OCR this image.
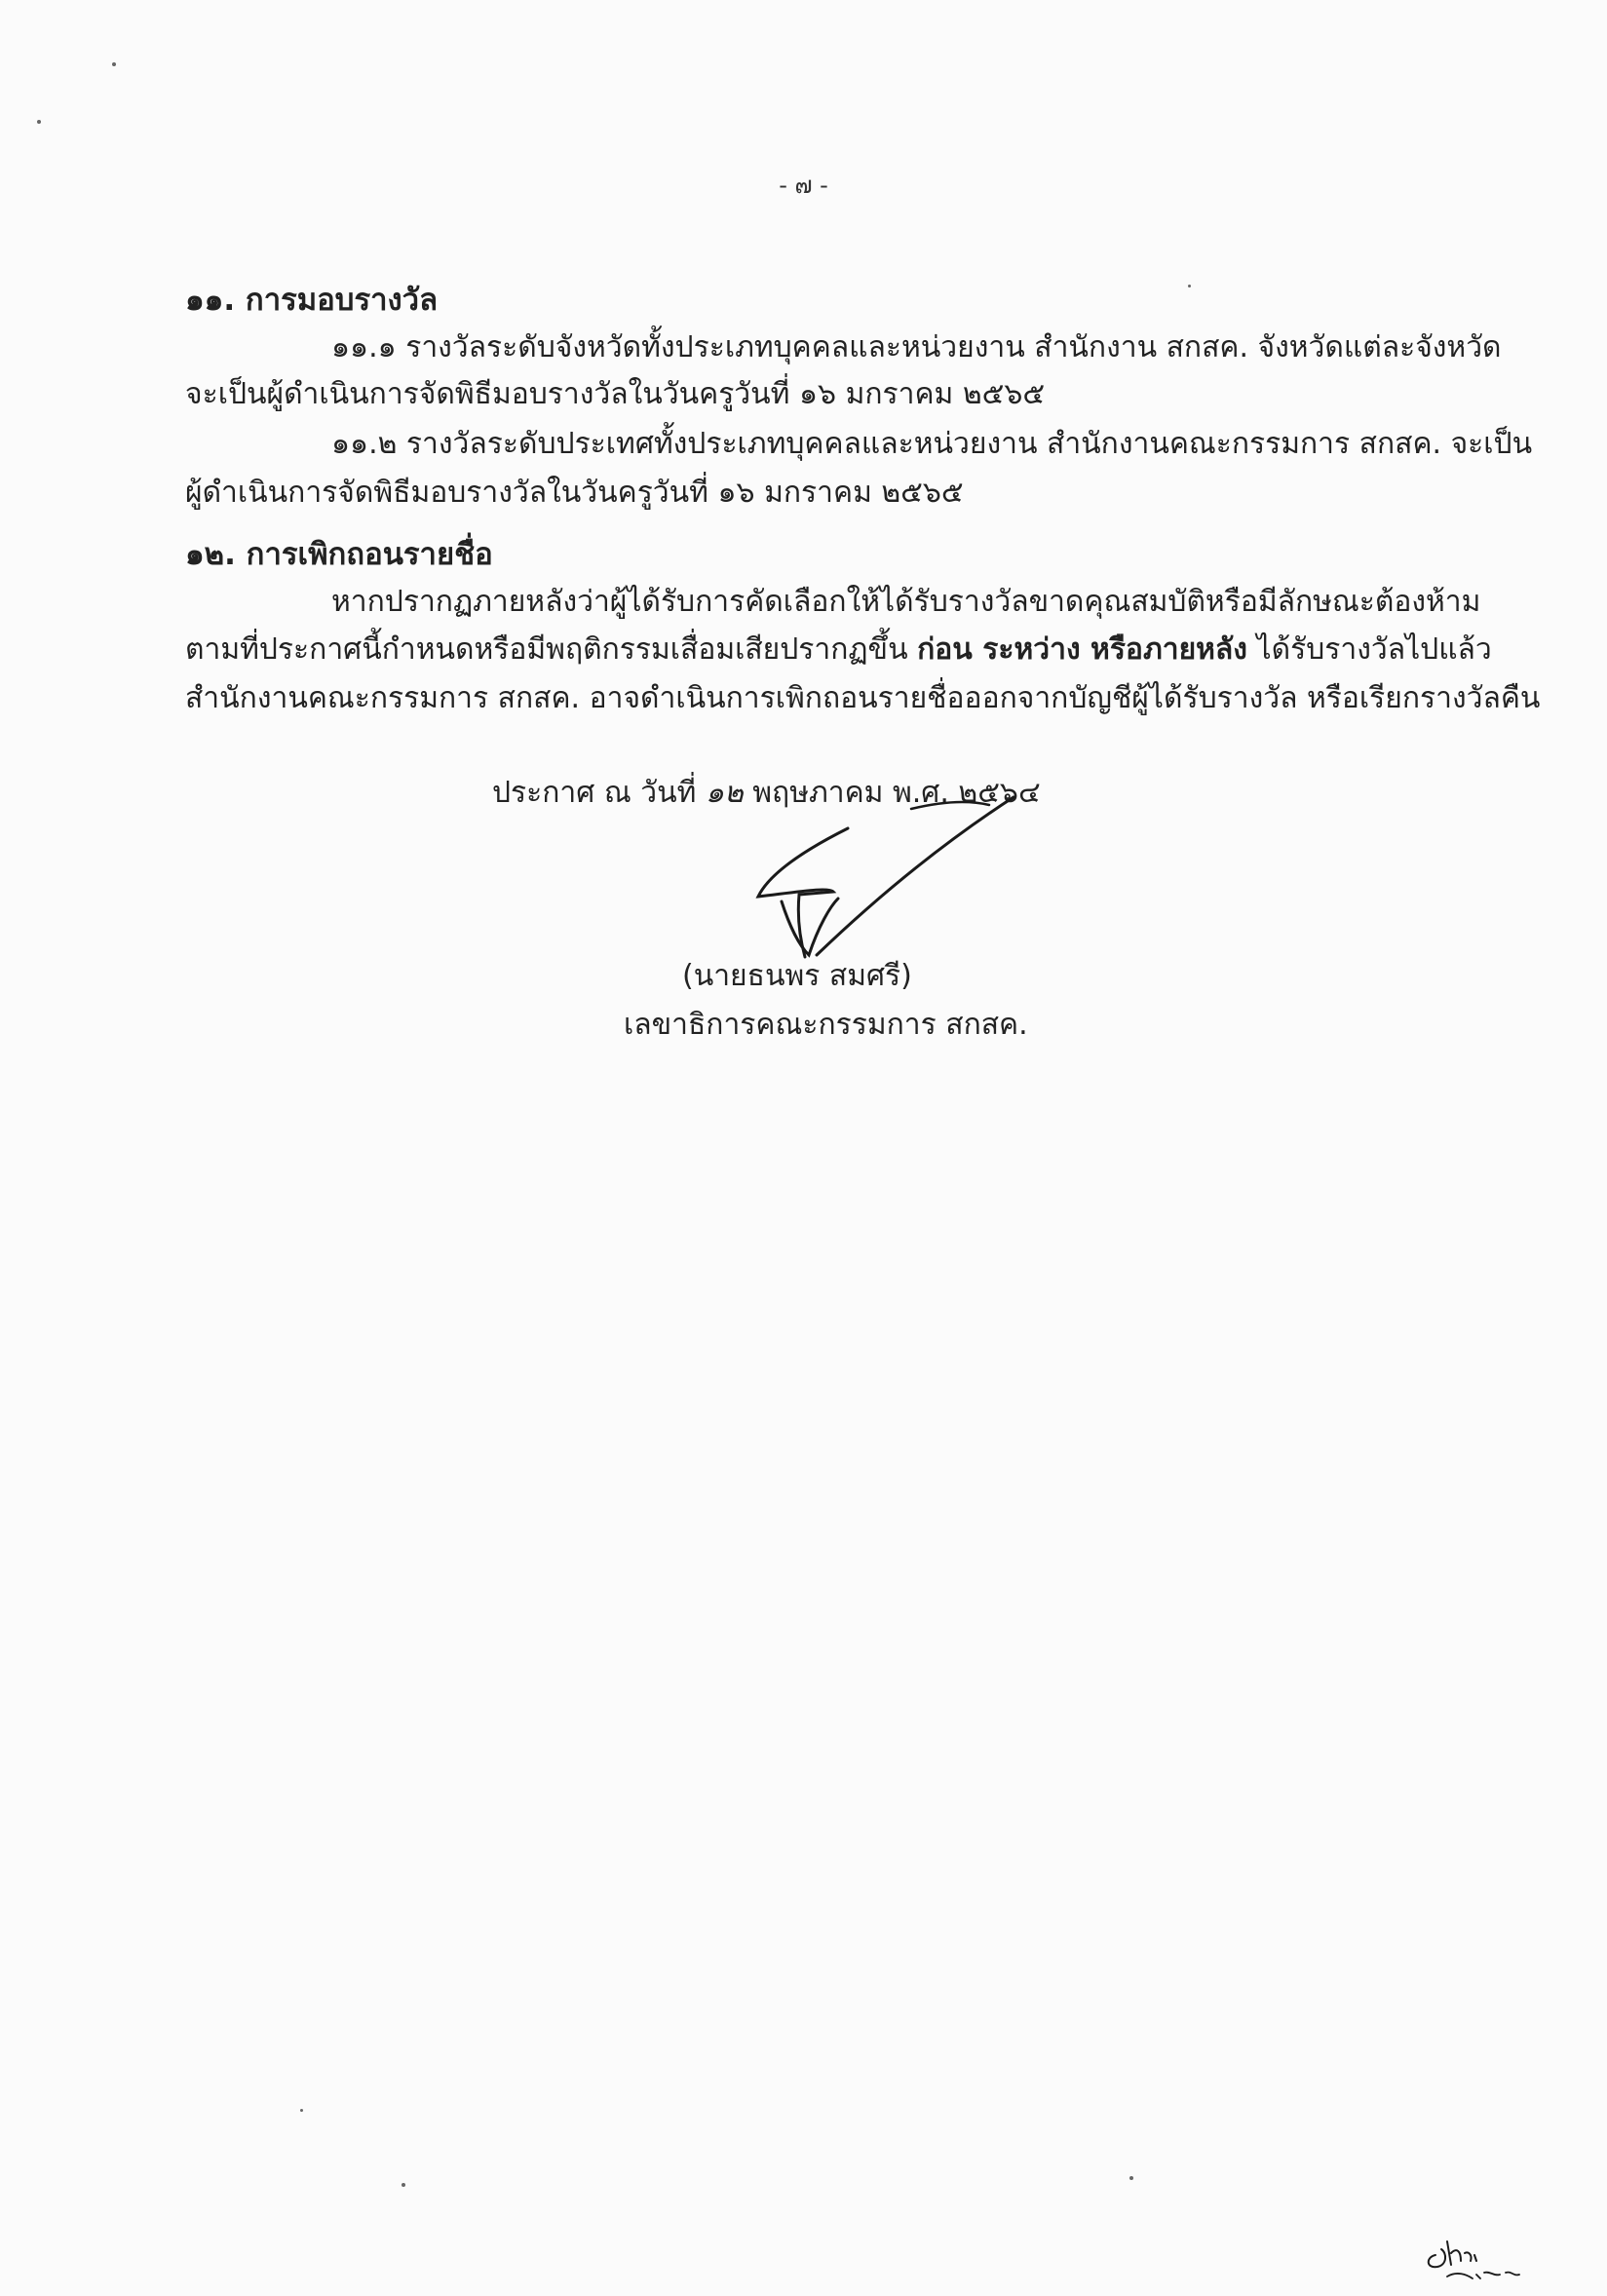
- ๗ -
๑๑. การมอบรางวัล
๑๑.๑ รางวัลระดับจังหวัดทั้งประเภทบุคคลและหน่วยงาน สำนักงาน สกสค. จังหวัดแต่ละจังหวัด
จะเป็นผู้ดำเนินการจัดพิธีมอบรางวัลในวันครูวันที่ ๑๖ มกราคม ๒๕๖๕
๑๑.๒ รางวัลระดับประเทศทั้งประเภทบุคคลและหน่วยงาน สำนักงานคณะกรรมการ สกสค. จะเป็น
ผู้ดำเนินการจัดพิธีมอบรางวัลในวันครูวันที่ ๑๖ มกราคม ๒๕๖๕
๑๒. การเพิกถอนรายชื่อ
หากปรากฏภายหลังว่าผู้ได้รับการคัดเลือกให้ได้รับรางวัลขาดคุณสมบัติหรือมีลักษณะต้องห้าม
ตามที่ประกาศนี้กำหนดหรือมีพฤติกรรมเสื่อมเสียปรากฏขึ้น ก่อน ระหว่าง หรือภายหลัง ได้รับรางวัลไปแล้ว
สำนักงานคณะกรรมการ สกสค. อาจดำเนินการเพิกถอนรายชื่อออกจากบัญชีผู้ได้รับรางวัล หรือเรียกรางวัลคืน
ประกาศ ณ วันที่ ๑๒ พฤษภาคม พ.ศ. ๒๕๖๔
(นายธนพร สมศรี)
เลขาธิการคณะกรรมการ สกสค.
